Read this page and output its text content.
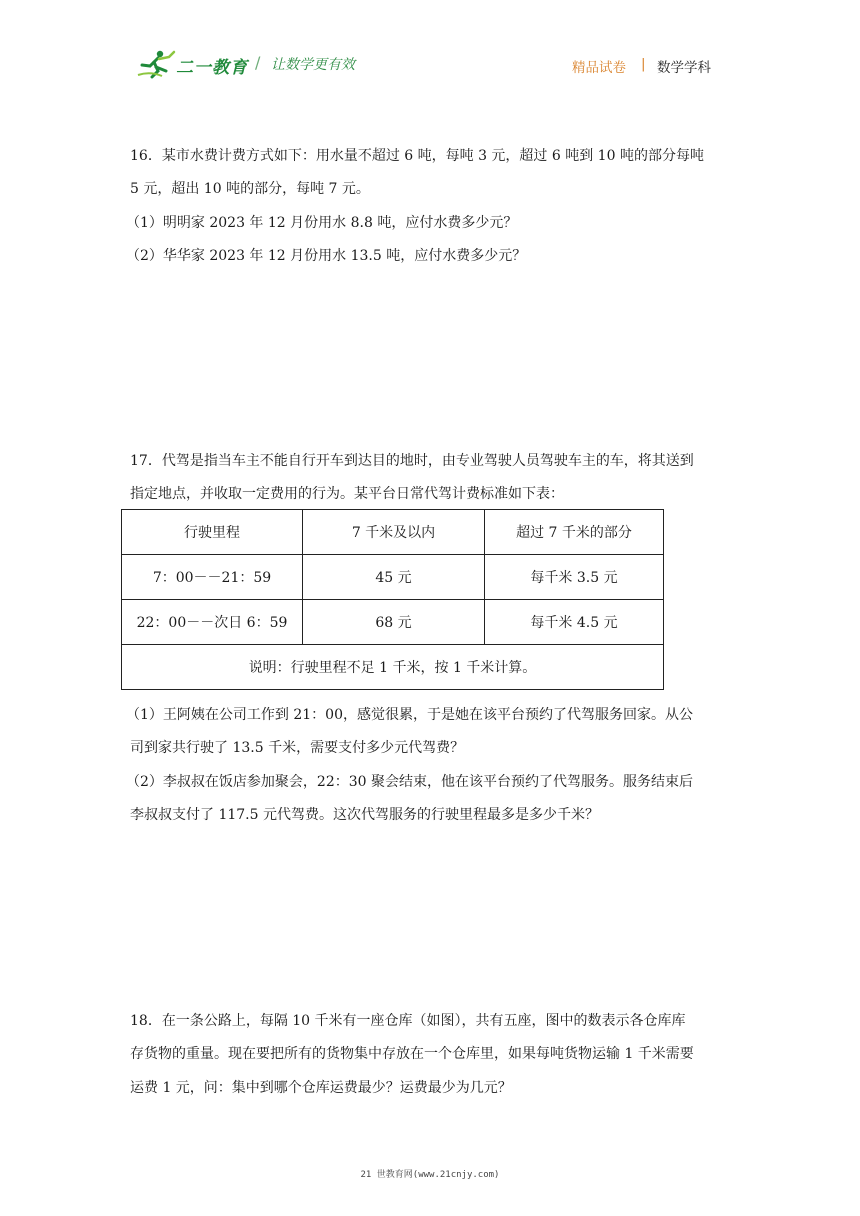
二一教育 / 让数学更有效	精品试卷 | 数学学科
16．某市水费计费方式如下：用水量不超过 6 吨，每吨 3 元，超过 6 吨到 10 吨的部分每吨
5 元，超出 10 吨的部分，每吨 7 元。
（1）明明家 2023 年 12 月份用水 8.8 吨，应付水费多少元？
（2）华华家 2023 年 12 月份用水 13.5 吨，应付水费多少元？
17．代驾是指当车主不能自行开车到达目的地时，由专业驾驶人员驾驶车主的车，将其送到
指定地点，并收取一定费用的行为。某平台日常代驾计费标准如下表：
行驶里程	7 千米及以内	超过 7 千米的部分
7：00－－21：59	45 元	每千米 3.5 元
22：00－－次日 6：59	68 元	每千米 4.5 元
说明：行驶里程不足 1 千米，按 1 千米计算。		
（1）王阿姨在公司工作到 21：00，感觉很累，于是她在该平台预约了代驾服务回家。从公
司到家共行驶了 13.5 千米，需要支付多少元代驾费？
（2）李叔叔在饭店参加聚会，22：30 聚会结束，他在该平台预约了代驾服务。服务结束后
李叔叔支付了 117.5 元代驾费。这次代驾服务的行驶里程最多是多少千米？
18．在一条公路上，每隔 10 千米有一座仓库（如图），共有五座，图中的数表示各仓库库
存货物的重量。现在要把所有的货物集中存放在一个仓库里，如果每吨货物运输 1 千米需要
运费 1 元，问：集中到哪个仓库运费最少？运费最少为几元？
21 世教育网(www.21cnjy.com)
